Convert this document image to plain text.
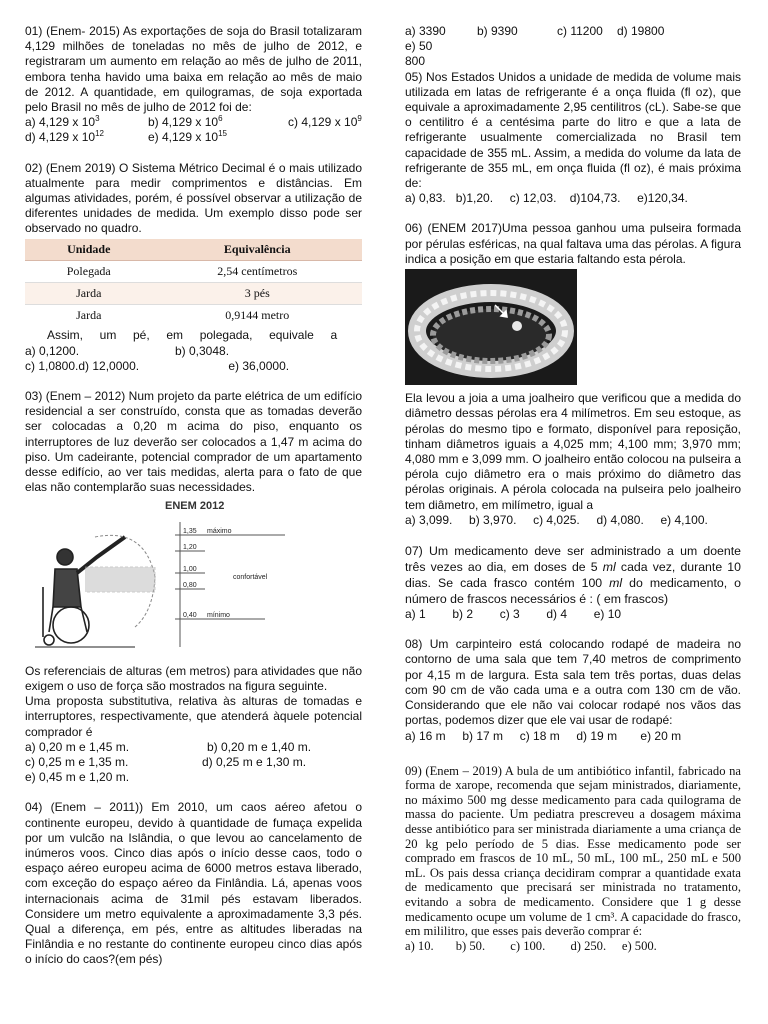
01) (Enem- 2015) As exportações de soja do Brasil totalizaram 4,129 milhões de toneladas no mês de julho de 2012, e registraram um aumento em relação ao mês de julho de 2011, embora tenha havido uma baixa em relação ao mês de maio de 2012. A quantidade, em quilogramas, de soja exportada pelo Brasil no mês de julho de 2012 foi de:

a) 4,129 x $10^3$	b) 4,129 x $10^6$	c) 4,129 x $10^9$
d) 4,129 x $10^{12}$	e) 4,129 x $10^{15}$

02) (Enem 2019) O Sistema Métrico Decimal é o mais utilizado atualmente para medir comprimentos e distâncias. Em algumas atividades, porém, é possível observar a utilização de diferentes unidades de medida. Um exemplo disso pode ser observado no quadro.

Unidade	Equivalência
Polegada	2,54 centímetros
Jarda	3 pés
Jarda	0,9144 metro

Assim,     um     pé,     em     polegada,     equivale     a

a) 0,1200.	b) 0,3048.
c) 1,0800. d) 12,0000.	e) 36,0000.

03) (Enem – 2012) Num projeto da parte elétrica de um edifício residencial a ser construído, consta que as tomadas deverão ser colocadas a 0,20 m acima do piso, enquanto os interruptores de luz deverão ser colocados a 1,47 m acima do piso. Um cadeirante, potencial comprador de um apartamento desse edifício, ao ver tais medidas, alerta para o fato de que elas não contemplarão suas necessidades.

ENEM 2012
1,35 máximo
1,20
1,00
0,80
confortável
0,40 mínimo

Os referenciais de alturas (em metros) para atividades que não exigem o uso de força são mostrados na figura seguinte.

Uma proposta substitutiva, relativa às alturas de tomadas e interruptores, respectivamente, que atenderá àquele potencial comprador é

a) 0,20 m e 1,45 m.	b) 0,20 m e 1,40 m.
c) 0,25 m e 1,35 m.	d) 0,25 m e 1,30 m.
e) 0,45 m e 1,20 m.

04) (Enem – 2011)) Em 2010, um caos aéreo afetou o continente europeu, devido à quantidade de fumaça expelida por um vulcão na Islândia, o que levou ao cancelamento de inúmeros voos. Cinco dias após o início desse caos, todo o espaço aéreo europeu acima de 6000 metros estava liberado, com exceção do espaço aéreo da Finlândia. Lá, apenas voos internacionais acima de 31mil pés estavam liberados. Considere um metro equivalente a aproximadamente 3,3 pés. Qual a diferença, em pés, entre as altitudes liberadas na Finlândia e no restante do continente europeu cinco dias após o início do caos?(em pés)

a) 3390	b) 9390	c) 11200	d) 19800
e) 50
800

05) Nos Estados Unidos a unidade de medida de volume mais utilizada em latas de refrigerante é a onça fluida (fl oz), que equivale a aproximadamente 2,95 centilitros (cL). Sabe-se que o centilitro é a centésima parte do litro e que a lata de refrigerante usualmente comercializada no Brasil tem capacidade de 355 mL. Assim, a medida do volume da lata de refrigerante de 355 mL, em onça fluida (fl oz), é mais próxima de:

a) 0,83.   b)1,20.     c) 12,03.    d)104,73.     e)120,34.

06) (ENEM 2017)Uma pessoa ganhou uma pulseira formada por pérulas esféricas, na qual faltava uma das pérolas. A figura indica a posição em que estaria faltando esta pérola.

Ela levou a joia a uma joalheiro que verificou que a medida do diâmetro dessas pérolas era 4 milímetros. Em seu estoque, as pérolas do mesmo tipo e formato, disponível para reposição, tinham diâmetros iguais a 4,025 mm; 4,100 mm; 3,970 mm; 4,080 mm e 3,099 mm. O joalheiro então colocou na pulseira a pérola cujo diâmetro era o mais próximo do diâmetro das pérolas originais. A pérola colocada na pulseira pelo joalheiro tem diâmetro, em milímetro, igual a

a) 3,099.     b) 3,970.     c) 4,025.     d) 4,080.     e) 4,100.

07) Um medicamento deve ser administrado a um doente três vezes ao dia, em doses de 5 ml cada vez, durante 10 dias. Se cada frasco contém 100 ml do medicamento, o número de frascos necessários é : ( em frascos)

a) 1        b) 2        c) 3        d) 4        e) 10

08) Um carpinteiro está colocando rodapé de madeira no contorno de uma sala que tem 7,40 metros de comprimento por 4,15 m de largura. Esta sala tem três portas, duas delas com 90 cm de vão cada uma e a outra com 130 cm de vão. Considerando que ele não vai colocar rodapé nos vãos das portas, podemos dizer que ele vai usar de rodapé:

a) 16 m     b) 17 m     c) 18 m     d) 19 m       e) 20 m

09) (Enem – 2019) A bula de um antibiótico infantil, fabricado na forma de xarope, recomenda que sejam ministrados, diariamente, no máximo 500 mg desse medicamento para cada quilograma de massa do paciente. Um pediatra prescreveu a dosagem máxima desse antibiótico para ser ministrada diariamente a uma criança de 20 kg pelo período de 5 dias. Esse medicamento pode ser comprado em frascos de 10 mL, 50 mL, 100 mL, 250 mL e 500 mL. Os pais dessa criança decidiram comprar a quantidade exata de medicamento que precisará ser ministrada no tratamento, evitando a sobra de medicamento. Considere que 1 g desse medicamento ocupe um volume de 1 cm³. A capacidade do frasco, em mililitro, que esses pais deverão comprar é:

a) 10.       b) 50.        c) 100.        d) 250.     e) 500.
